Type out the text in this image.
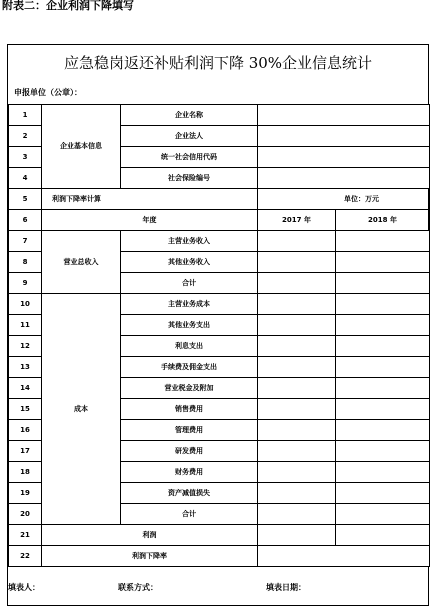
附表二：企业利润下降填写
应急稳岗返还补贴利润下降 30%企业信息统计
申报单位（公章）：
1	企业基本信息	企业名称		
2		企业法人		
3		统一社会信用代码		
4		社会保险编号		
5	利润下降率计算		单位：万元	
6	年度		2017 年	2018 年
7	营业总收入	主营业务收入		
8		其他业务收入		
9		合计		
10	成本	主营业务成本		
11		其他业务支出		
12		利息支出		
13		手续费及佣金支出		
14		营业税金及附加		
15		销售费用		
16		管理费用		
17		研发费用		
18		财务费用		
19		资产减值损失		
20		合计		
21	利润			
22	利润下降率			
填表人：	联系方式：	填表日期：
